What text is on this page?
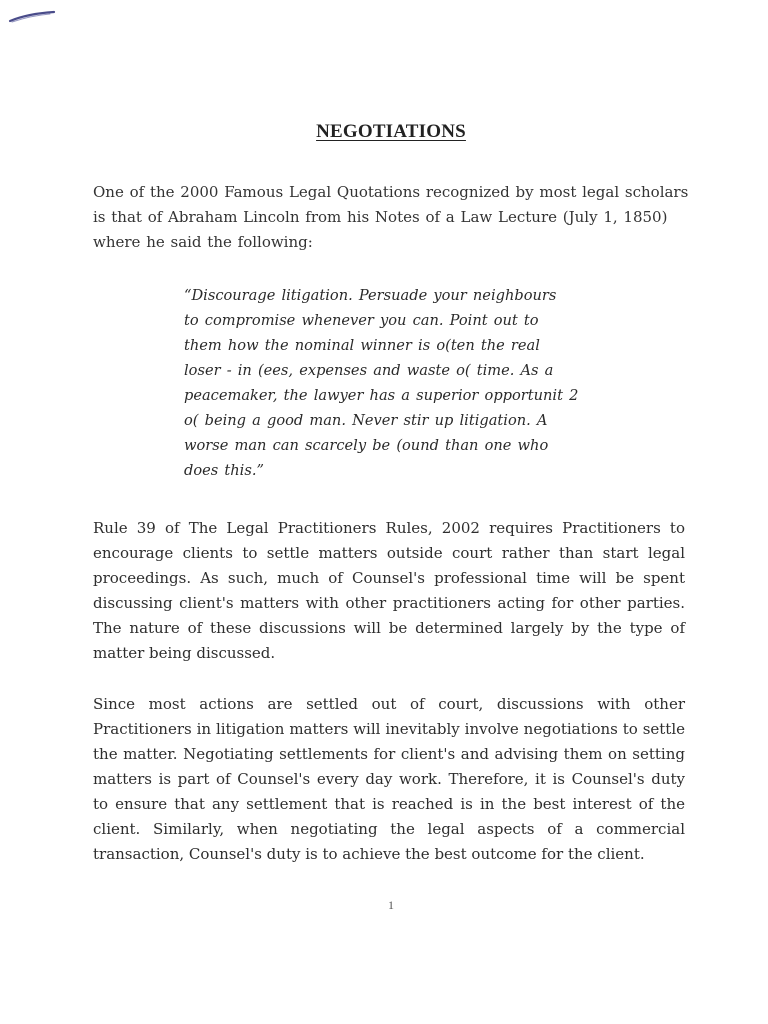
NEGOTIATIONS
One of the 2000 Famous Legal Quotations recognized by most legal scholars
is that of Abraham Lincoln from his Notes of a Law Lecture (July 1, 1850)
where he said the following:
“Discourage litigation. Persuade your neighbours
to compromise whenever you can. Point out to
them how the nominal winner is o(ten the real
loser - in (ees, expenses and waste o( time. As a
peacemaker, the lawyer has a superior opportunit 2
o( being a good man. Never stir up litigation. A
worse man can scarcely be (ound than one who
does this.”
Rule 39 of The Legal Practitioners Rules, 2002 requires Practitioners to
encourage clients to settle matters outside court rather than start legal
proceedings. As such, much of Counsel's professional time will be spent
discussing client's matters with other practitioners acting for other parties.
The nature of these discussions will be determined largely by the type of
matter being discussed.
Since most actions are settled out of court, discussions with other
Practitioners in litigation matters will inevitably involve negotiations to settle
the matter. Negotiating settlements for client's and advising them on setting
matters is part of Counsel's every day work. Therefore, it is Counsel's duty
to ensure that any settlement that is reached is in the best interest of the
client. Similarly, when negotiating the legal aspects of a commercial
transaction, Counsel's duty is to achieve the best outcome for the client.
1
